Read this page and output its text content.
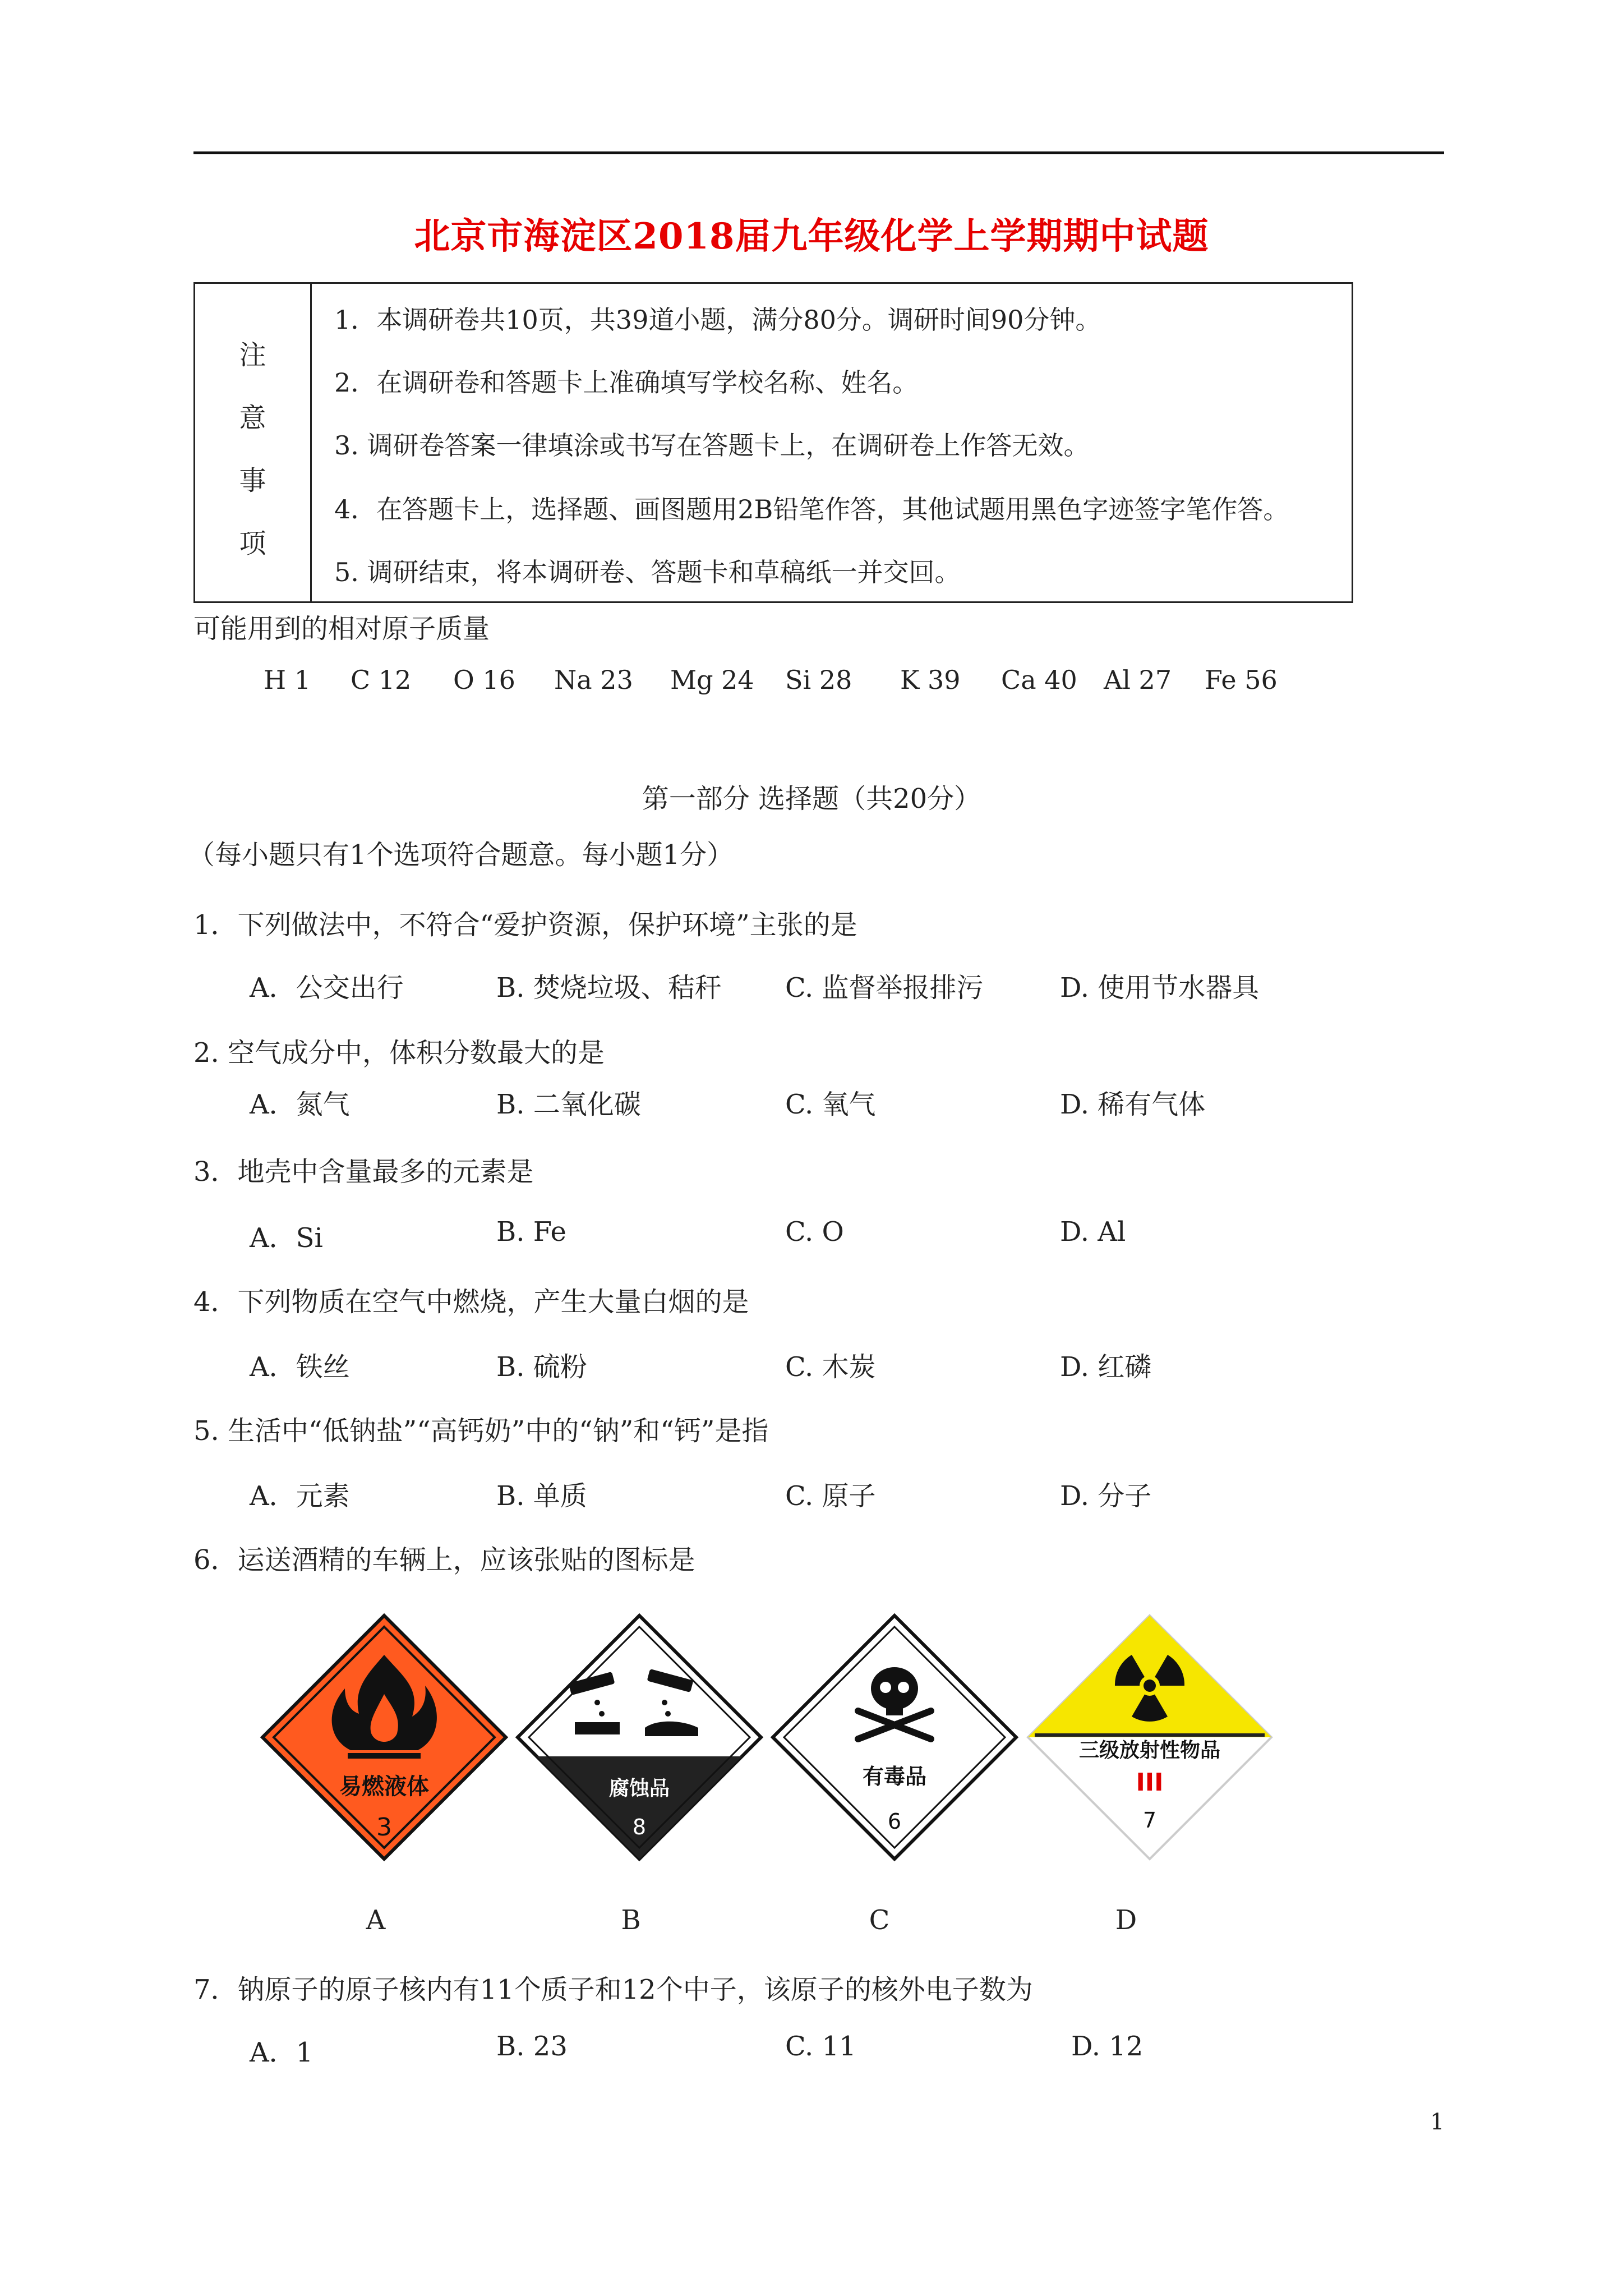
北京市海淀区2018届九年级化学上学期期中试题
注
意
事
项
1．本调研卷共10页，共39道小题，满分80分。调研时间90分钟。
2．在调研卷和答题卡上准确填写学校名称、姓名。
3. 调研卷答案一律填涂或书写在答题卡上，在调研卷上作答无效。
4．在答题卡上，选择题、画图题用2B铅笔作答，其他试题用黑色字迹签字笔作答。
5. 调研结束，将本调研卷、答题卡和草稿纸一并交回。
可能用到的相对原子质量
H 1 C 12 O 16 Na 23 Mg 24 Si 28 K 39 Ca 40 Al 27 Fe 56
第一部分 选择题（共20分）
（每小题只有1个选项符合题意。每小题1分）
1．下列做法中，不符合“爱护资源，保护环境”主张的是
A．公交出行	B. 焚烧垃圾、秸秆 C. 监督举报排污	D. 使用节水器具
2. 空气成分中，体积分数最大的是
A．氮气	B. 二氧化碳	C. 氧气	D. 稀有气体
3．地壳中含量最多的元素是
A．Si	B. Fe	C. O	D. Al
4．下列物质在空气中燃烧，产生大量白烟的是
A．铁丝	B. 硫粉	C. 木炭	D. 红磷
5. 生活中“低钠盐”“高钙奶”中的“钠”和“钙”是指
A．元素	B. 单质	C. 原子	D. 分子
6．运送酒精的车辆上，应该张贴的图标是
易燃液体
3
腐蚀品
8
有毒品
6
三级放射性物品
III
7
A	B	C	D
7．钠原子的原子核内有11个质子和12个中子，该原子的核外电子数为
A．1	B. 23	C. 11	D. 12
1
